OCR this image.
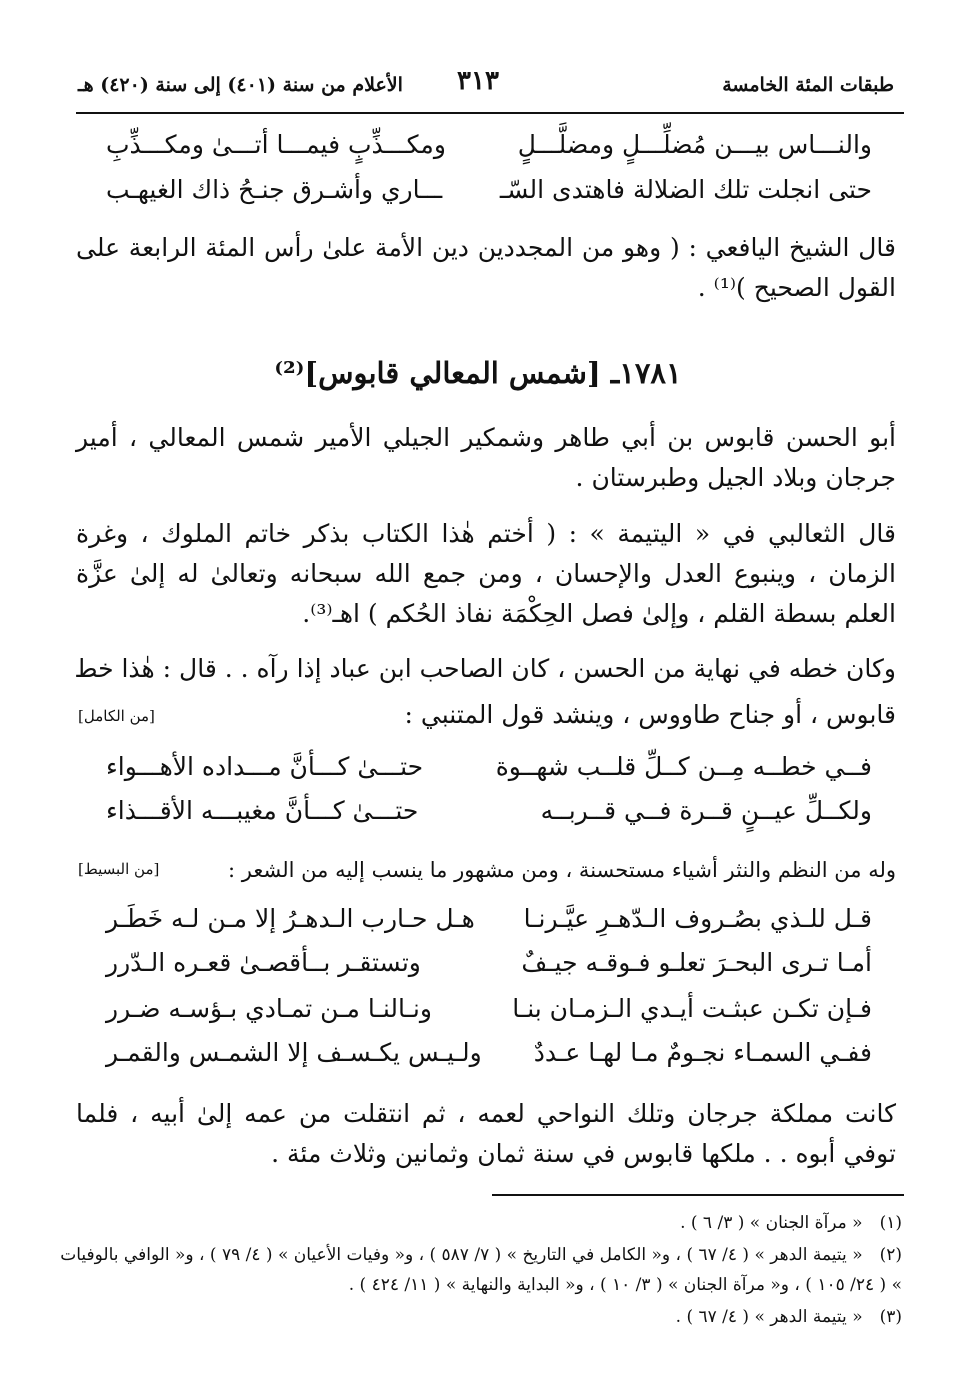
طبقات المئة الخامسة
٣١٣
الأعلام من سنة (٤٠١) إلى سنة (٤٢٠) هـ
والنـــاس بيـــن مُضلِّـــلٍ ومضلَّـــلٍ
ومكـــذِّبٍ فيمـــا أتـــىٰ ومكـــذِّبِ
حتى انجلت تلك الضلالة فاهتدى السّـ
ـــاري وأشـرق جنـحُ ذاك الغيهـب
قال الشيخ اليافعي : ( وهو من المجددين دين الأمة علىٰ رأس المئة الرابعة على القول الصحيح )⁽¹⁾ .
١٧٨١ـ [شمس المعالي قابوس]⁽²⁾
أبو الحسن قابوس بن أبي طاهر وشمكير الجيلي الأمير شمس المعالي ، أمير جرجان وبلاد الجيل وطبرستان .
قال الثعالبي في « اليتيمة » : ( أختم هٰذا الكتاب بذكر خاتم الملوك ، وغرة الزمان ، وينبوع العدل والإحسان ، ومن جمع الله سبحانه وتعالىٰ له إلىٰ عزَّة العلم بسطة القلم ، وإلىٰ فصل الحِكْمَة نفاذ الحُكم ) اهـ⁽³⁾.
وكان خطه في نهاية من الحسن ، كان الصاحب ابن عباد إذا رآه . . قال : هٰذا خط
قابوس ، أو جناح طاووس ، وينشد قول المتنبي :
[من الكامل]
فــي خطــه مِــن كــلِّ قلــب شهــوة
حتـــىٰ كـــأنَّ مـــداده الأهـــواء
ولكــلِّ عيــنٍ قــرة فــي قــربــه
حتـــىٰ كـــأنَّ مغيبـــه الأقـــذاء
وله من النظم والنثر أشياء مستحسنة ، ومن مشهور ما ينسب إليه من الشعر :
[من البسيط]
قـل للـذي بصُـروف الـدّهـرِ عيَّـرنـا
هـل حـارب الـدهـرُ إلا مـن لـه خَطَـر
أمـا تـرى البحـرَ تعلـو فـوقـه جيـفٌ
وتستقـر بــأقصـىٰ قعـره الـدّرر
فـإن تكـن عبثـت أيـدي الـزمـان بنـا
ونـالنـا مـن تمـادي بـؤسـه ضـرر
ففـي السمـاء نجـومٌ مـا لهـا عـددٌ
ولـيـس يكـسـف إلا الشمـس والقمـر
كانت مملكة جرجان وتلك النواحي لعمه ، ثم انتقلت من عمه إلىٰ أبيه ، فلما توفي أبوه . . ملكها قابوس في سنة ثمان وثمانين وثلاث مئة .
(١) « مرآة الجنان » ( ٣/ ٦ ) .
(٢) « يتيمة الدهر » ( ٤/ ٦٧ ) ، و« الكامل في التاريخ » ( ٧/ ٥٨٧ ) ، و« وفيات الأعيان » ( ٤/ ٧٩ ) ، و« الوافي بالوفيات » ( ٢٤/ ١٠٥ ) ، و« مرآة الجنان » ( ٣/ ١٠ ) ، و« البداية والنهاية » ( ١١/ ٤٢٤ ) .
(٣) « يتيمة الدهر » ( ٤/ ٦٧ ) .
